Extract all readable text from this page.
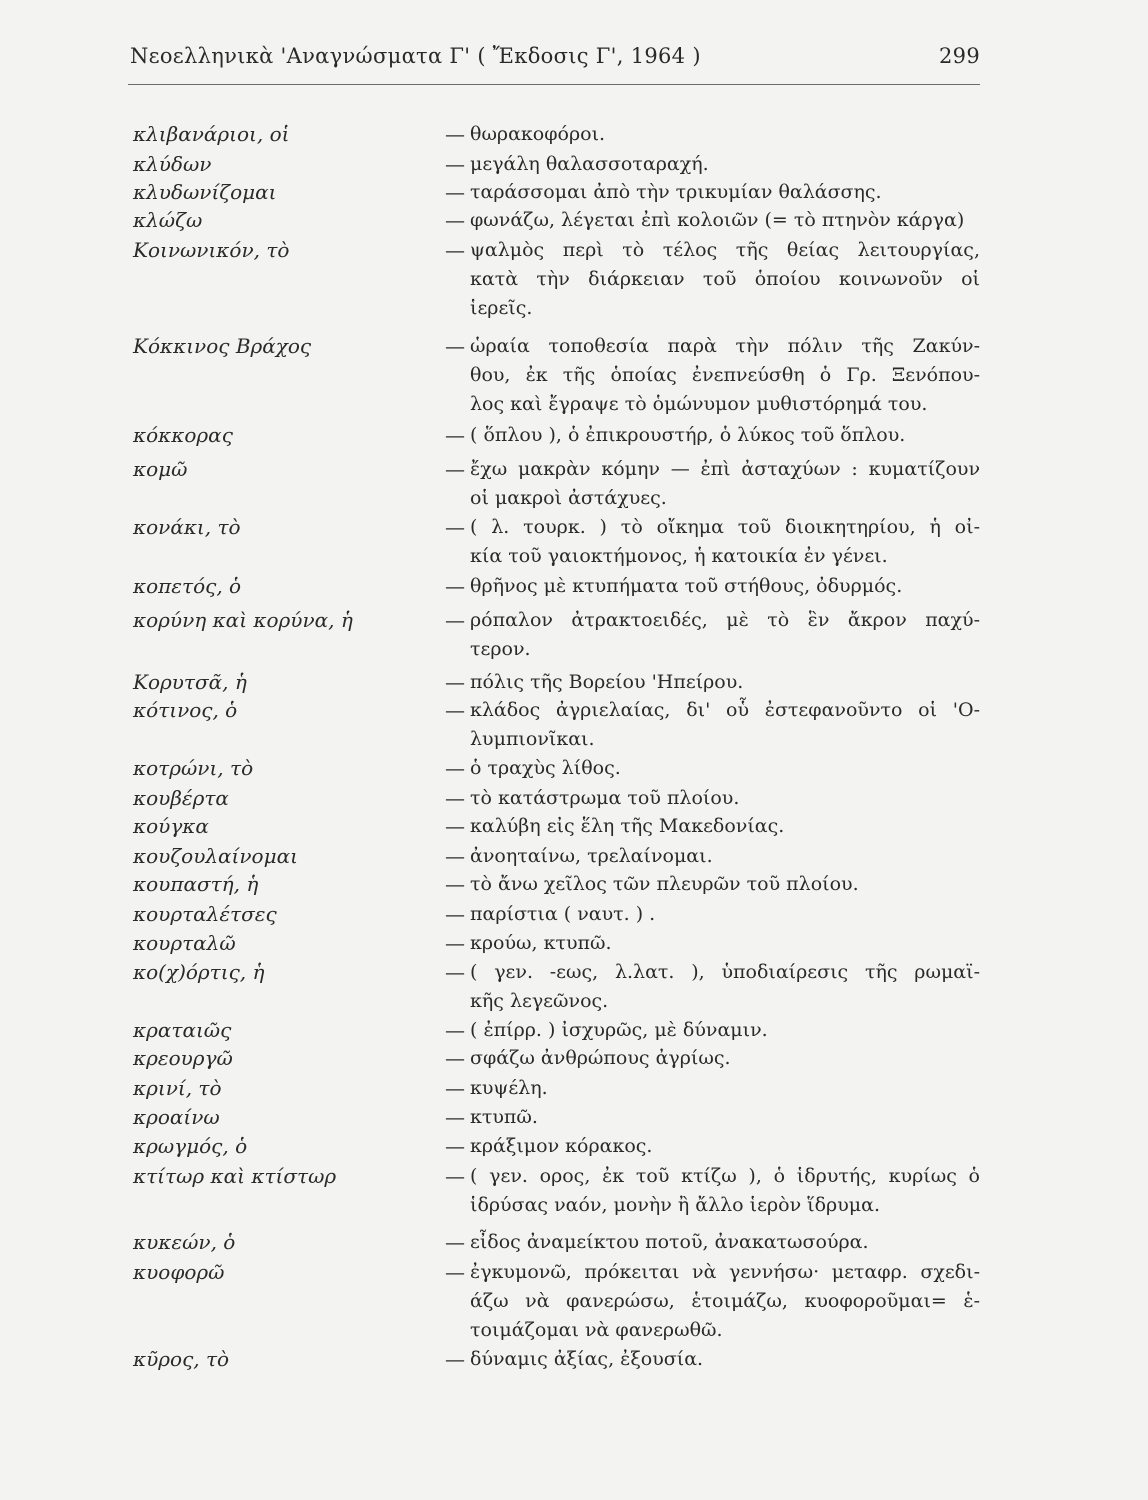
Νεοελληνικὰ 'Αναγνώσματα Γ' ( Ἔκδοσις Γ', 1964 )	299
κλιβανάριοι, οἱ	— θωρακοφόροι.
κλύδων	— μεγάλη θαλασσοταραχή.
κλυδωνίζομαι	— ταράσσομαι ἀπὸ τὴν τρικυμίαν θαλάσσης.
κλώζω	— φωνάζω, λέγεται ἐπὶ κολοιῶν (= τὸ πτηνὸν κάργα)
Κοινωνικόν, τὸ	— ψαλμὸς περὶ τὸ τέλος τῆς θείας λειτουργίας,
κατὰ τὴν διάρκειαν τοῦ ὁποίου κοινωνοῦν οἱ
ἱερεῖς.
Κόκκινος Βράχος	— ὡραία τοποθεσία παρὰ τὴν πόλιν τῆς Ζακύν-
θου, ἐκ τῆς ὁποίας ἐνεπνεύσθη ὁ Γρ. Ξενόπου-
λος καὶ ἔγραψε τὸ ὁμώνυμον μυθιστόρημά του.
κόκκορας	— ( ὅπλου ), ὁ ἐπικρουστήρ, ὁ λύκος τοῦ ὅπλου.
κομῶ	— ἔχω μακρὰν κόμην — ἐπὶ ἀσταχύων : κυματίζουν
οἱ μακροὶ ἀστάχυες.
κονάκι, τὸ	— ( λ. τουρκ. ) τὸ οἴκημα τοῦ διοικητηρίου, ἡ οἰ-
κία τοῦ γαιοκτήμονος, ἡ κατοικία ἐν γένει.
κοπετός, ὁ	— θρῆνος μὲ κτυπήματα τοῦ στήθους, ὀδυρμός.
κορύνη καὶ κορύνα, ἡ	— ρόπαλον ἀτρακτοειδές, μὲ τὸ ἓν ἄκρον παχύ-
τερον.
Κορυτσᾶ, ἡ	— πόλις τῆς Βορείου 'Ηπείρου.
κότινος, ὁ	— κλάδος ἀγριελαίας, δι' οὗ ἐστεφανοῦντο οἱ 'Ο-
λυμπιονῖκαι.
κοτρώνι, τὸ	— ὁ τραχὺς λίθος.
κουβέρτα	— τὸ κατάστρωμα τοῦ πλοίου.
κούγκα	— καλύβη εἰς ἕλη τῆς Μακεδονίας.
κουζουλαίνομαι	— ἀνοηταίνω, τρελαίνομαι.
κουπαστή, ἡ	— τὸ ἄνω χεῖλος τῶν πλευρῶν τοῦ πλοίου.
κουρταλέτσες	— παρίστια ( ναυτ. ) .
κουρταλῶ	— κρούω, κτυπῶ.
κο(χ)όρτις, ἡ	— ( γεν. -εως, λ.λατ. ), ὑποδιαίρεσις τῆς ρωμαϊ-
κῆς λεγεῶνος.
κραταιῶς	— ( ἐπίρρ. ) ἰσχυρῶς, μὲ δύναμιν.
κρεουργῶ	— σφάζω ἀνθρώπους ἀγρίως.
κρινί, τὸ	— κυψέλη.
κροαίνω	— κτυπῶ.
κρωγμός, ὁ	— κράξιμον κόρακος.
κτίτωρ καὶ κτίστωρ	— ( γεν. ορος, ἐκ τοῦ κτίζω ), ὁ ἱδρυτής, κυρίως ὁ
ἱδρύσας ναόν, μονὴν ἢ ἄλλο ἱερὸν ἵδρυμα.
κυκεών, ὁ	— εἶδος ἀναμείκτου ποτοῦ, ἀνακατωσούρα.
κυοφορῶ	— ἐγκυμονῶ, πρόκειται νὰ γεννήσω· μεταφρ. σχεδι-
άζω νὰ φανερώσω, ἑτοιμάζω, κυοφοροῦμαι= ἑ-
τοιμάζομαι νὰ φανερωθῶ.
κῦρος, τὸ	— δύναμις ἀξίας, ἐξουσία.
